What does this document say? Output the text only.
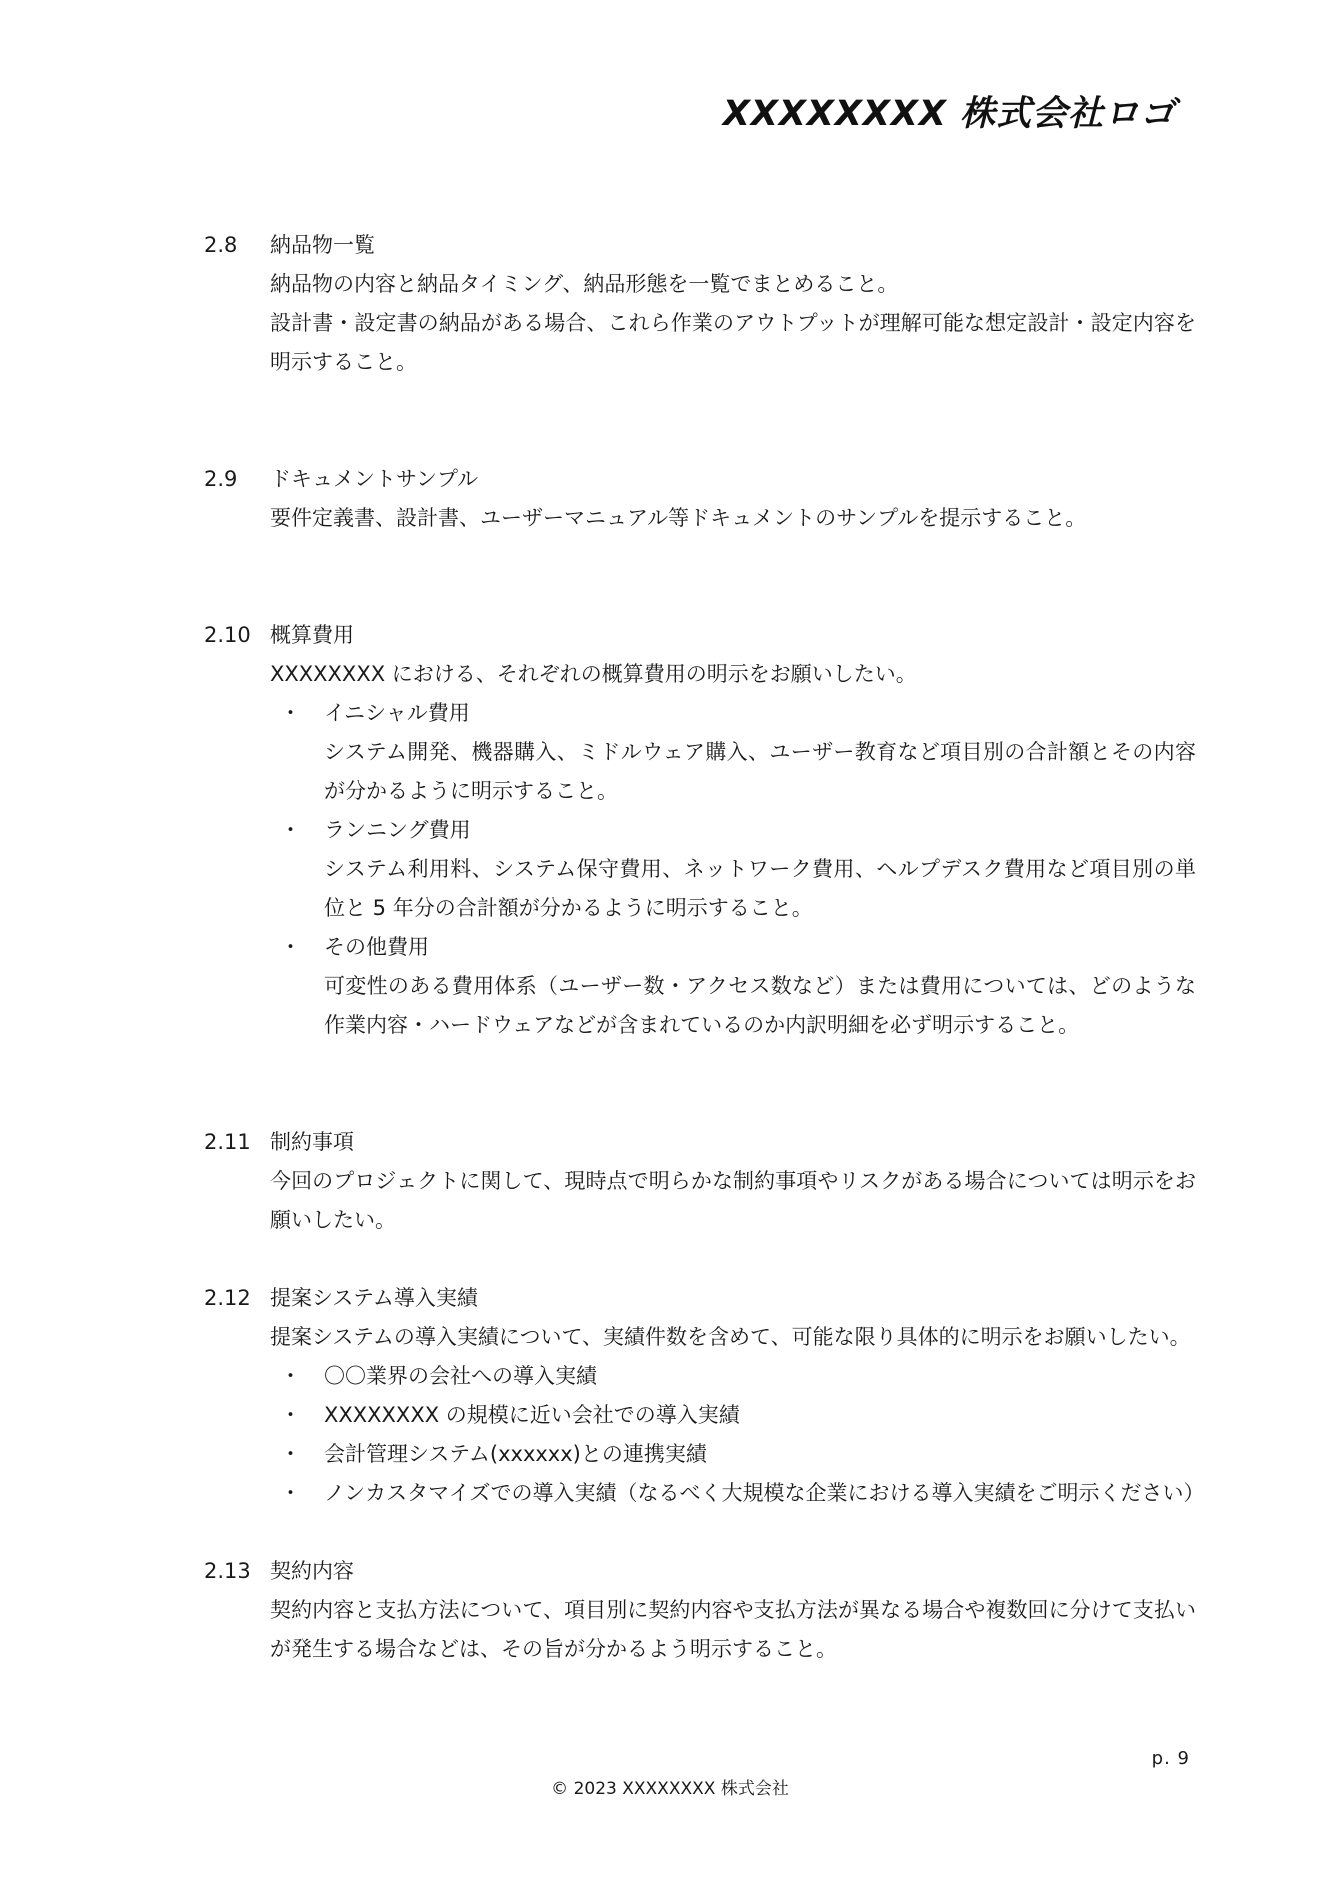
XXXXXXXX 株式会社ロゴ
2.8 納品物一覧
納品物の内容と納品タイミング、納品形態を一覧でまとめること。
設計書・設定書の納品がある場合、これら作業のアウトプットが理解可能な想定設計・設定内容を明示すること。
2.9 ドキュメントサンプル
要件定義書、設計書、ユーザーマニュアル等ドキュメントのサンプルを提示すること。
2.10 概算費用
XXXXXXXX における、それぞれの概算費用の明示をお願いしたい。
・ イニシャル費用
システム開発、機器購入、ミドルウェア購入、ユーザー教育など項目別の合計額とその内容が分かるように明示すること。
・ ランニング費用
システム利用料、システム保守費用、ネットワーク費用、ヘルプデスク費用など項目別の単位と 5 年分の合計額が分かるように明示すること。
・ その他費用
可変性のある費用体系（ユーザー数・アクセス数など）または費用については、どのような作業内容・ハードウェアなどが含まれているのか内訳明細を必ず明示すること。
2.11 制約事項
今回のプロジェクトに関して、現時点で明らかな制約事項やリスクがある場合については明示をお願いしたい。
2.12 提案システム導入実績
提案システムの導入実績について、実績件数を含めて、可能な限り具体的に明示をお願いしたい。
・ 〇〇業界の会社への導入実績
・ XXXXXXXX の規模に近い会社での導入実績
・ 会計管理システム(xxxxxx)との連携実績
・ ノンカスタマイズでの導入実績（なるべく大規模な企業における導入実績をご明示ください）
2.13 契約内容
契約内容と支払方法について、項目別に契約内容や支払方法が異なる場合や複数回に分けて支払いが発生する場合などは、その旨が分かるよう明示すること。
p. 9
© 2023 XXXXXXXX 株式会社
